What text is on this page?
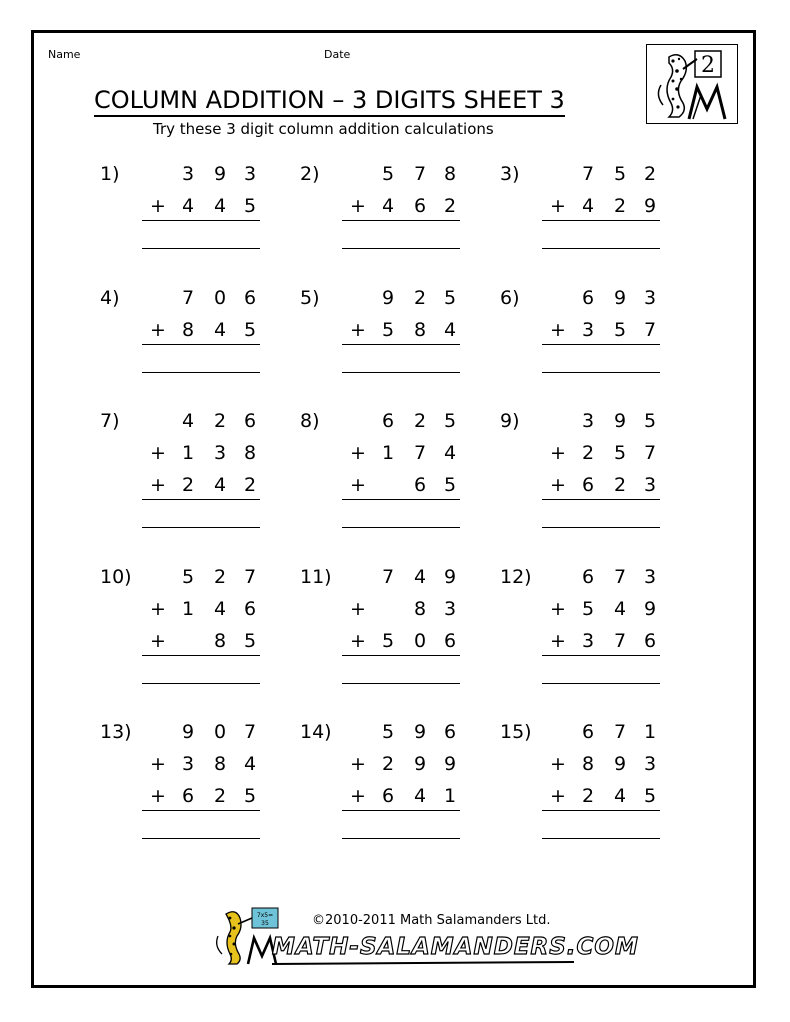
Name	Date	2
COLUMN ADDITION – 3 DIGITS SHEET 3
Try these 3 digit column addition calculations
1)	3 9 3
+ 4 4 5
2)	5 7 8
+ 4 6 2
3)	7 5 2
+ 4 2 9
4)	7 0 6
+ 8 4 5
5)	9 2 5
+ 5 8 4
6)	6 9 3
+ 3 5 7
7)	4 2 6
+ 1 3 8
+ 2 4 2
8)	6 2 5
+ 1 7 4
+	6 5
9)	3 9 5
+ 2 5 7
+ 6 2 3
10)	5 2 7
+ 1 4 6
+	8 5
11)	7 4 9
+	8 3
+ 5 0 6
12)	6 7 3
+ 5 4 9
+ 3 7 6
13)	9 0 7
+ 3 8 4
+ 6 2 5
14)	5 9 6
+ 2 9 9
+ 6 4 1
15)	6 7 1
+ 8 9 3
+ 2 4 5
7x5=
35	©2010-2011 Math Salamanders Ltd.
MATH-SALAMANDERS.COM
